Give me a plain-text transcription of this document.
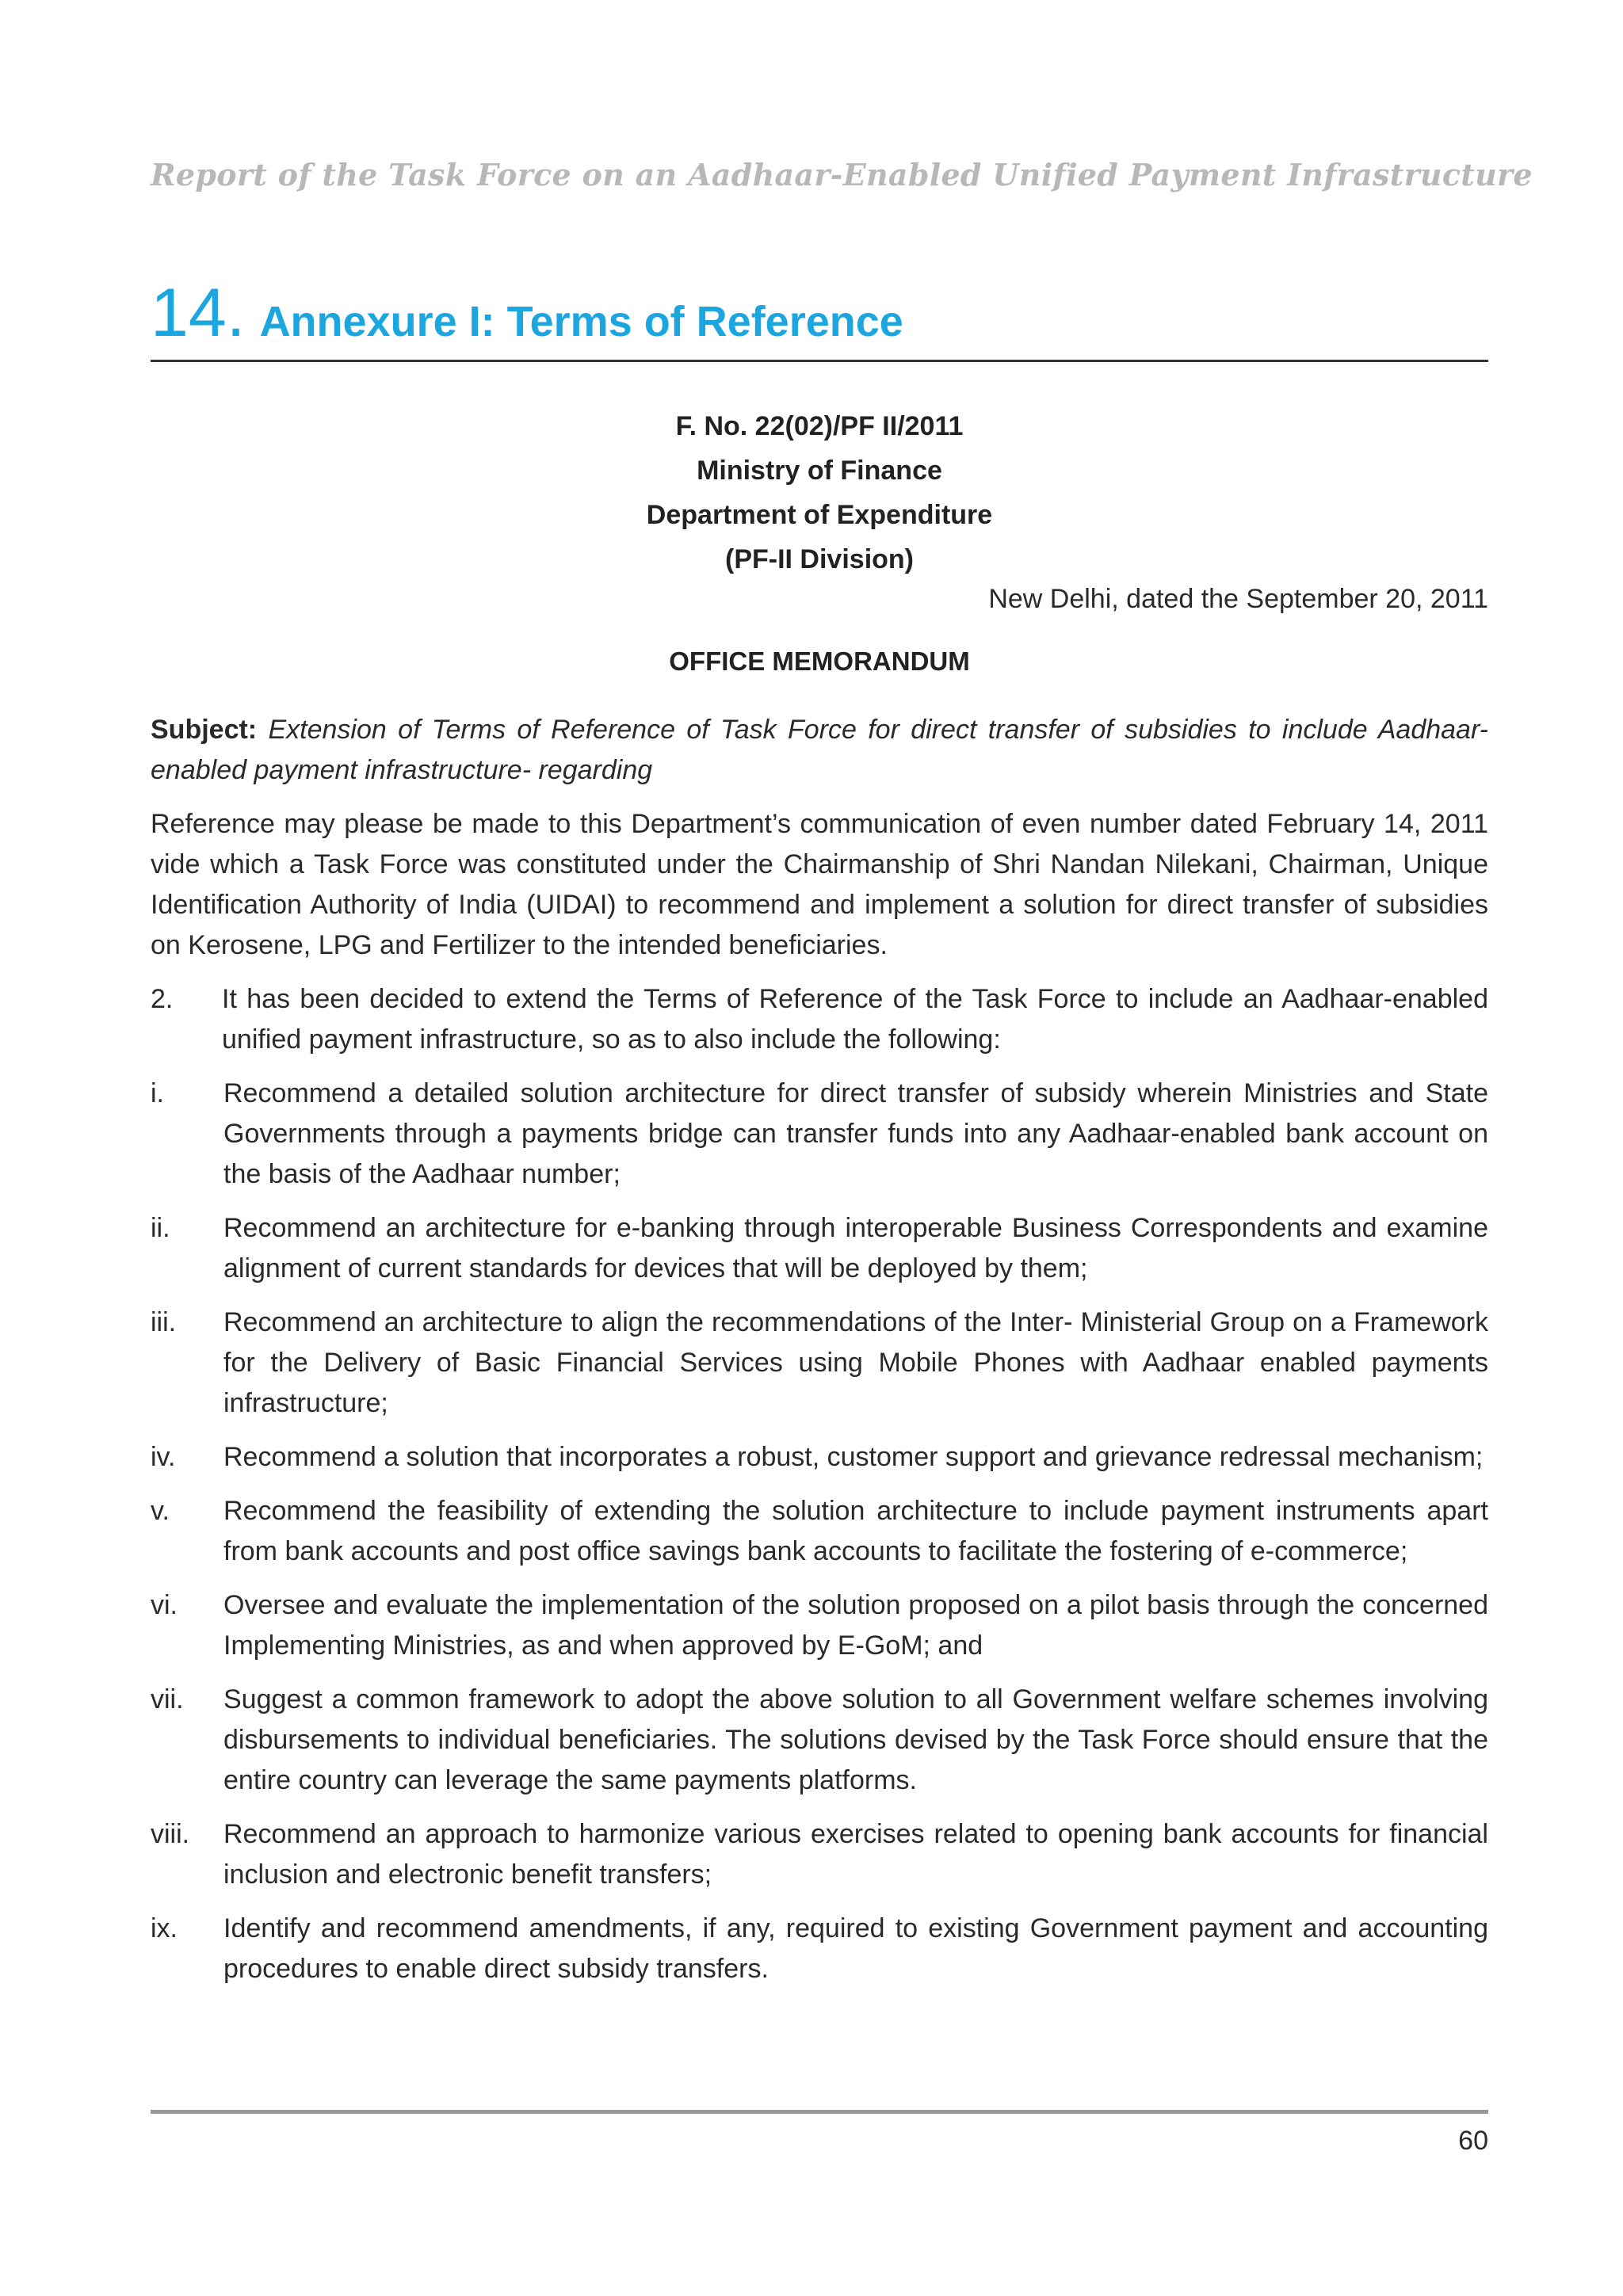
Report of the Task Force on an Aadhaar-Enabled Unified Payment Infrastructure
14. Annexure I: Terms of Reference
F. No. 22(02)/PF II/2011
Ministry of Finance
Department of Expenditure
(PF-II Division)
New Delhi, dated the September 20, 2011
OFFICE MEMORANDUM

Subject: Extension of Terms of Reference of Task Force for direct transfer of subsidies to include Aadhaar-enabled payment infrastructure- regarding

Reference may please be made to this Department’s communication of even number dated February 14, 2011 vide which a Task Force was constituted under the Chairmanship of Shri Nandan Nilekani, Chairman, Unique Identification Authority of India (UIDAI) to recommend and implement a solution for direct transfer of subsidies on Kerosene, LPG and Fertilizer to the intended beneficiaries.

2.	It has been decided to extend the Terms of Reference of the Task Force to include an Aadhaar-enabled unified payment infrastructure, so as to also include the following:
i.	Recommend a detailed solution architecture for direct transfer of subsidy wherein Ministries and State Governments through a payments bridge can transfer funds into any Aadhaar-enabled bank account on the basis of the Aadhaar number;
ii.	Recommend an architecture for e-banking through interoperable Business Correspondents and examine alignment of current standards for devices that will be deployed by them;
iii.	Recommend an architecture to align the recommendations of the Inter- Ministerial Group on a Framework for the Delivery of Basic Financial Services using Mobile Phones with Aadhaar enabled payments infrastructure;
iv.	Recommend a solution that incorporates a robust, customer support and grievance redressal mechanism;
v.	Recommend the feasibility of extending the solution architecture to include payment instruments apart from bank accounts and post office savings bank accounts to facilitate the fostering of e-commerce;
vi.	Oversee and evaluate the implementation of the solution proposed on a pilot basis through the concerned Implementing Ministries, as and when approved by E-GoM; and
vii.	Suggest a common framework to adopt the above solution to all Government welfare schemes involving disbursements to individual beneficiaries. The solutions devised by the Task Force should ensure that the entire country can leverage the same payments platforms.
viii.	Recommend an approach to harmonize various exercises related to opening bank accounts for financial inclusion and electronic benefit transfers;
ix.	Identify and recommend amendments, if any, required to existing Government payment and accounting procedures to enable direct subsidy transfers.
60
